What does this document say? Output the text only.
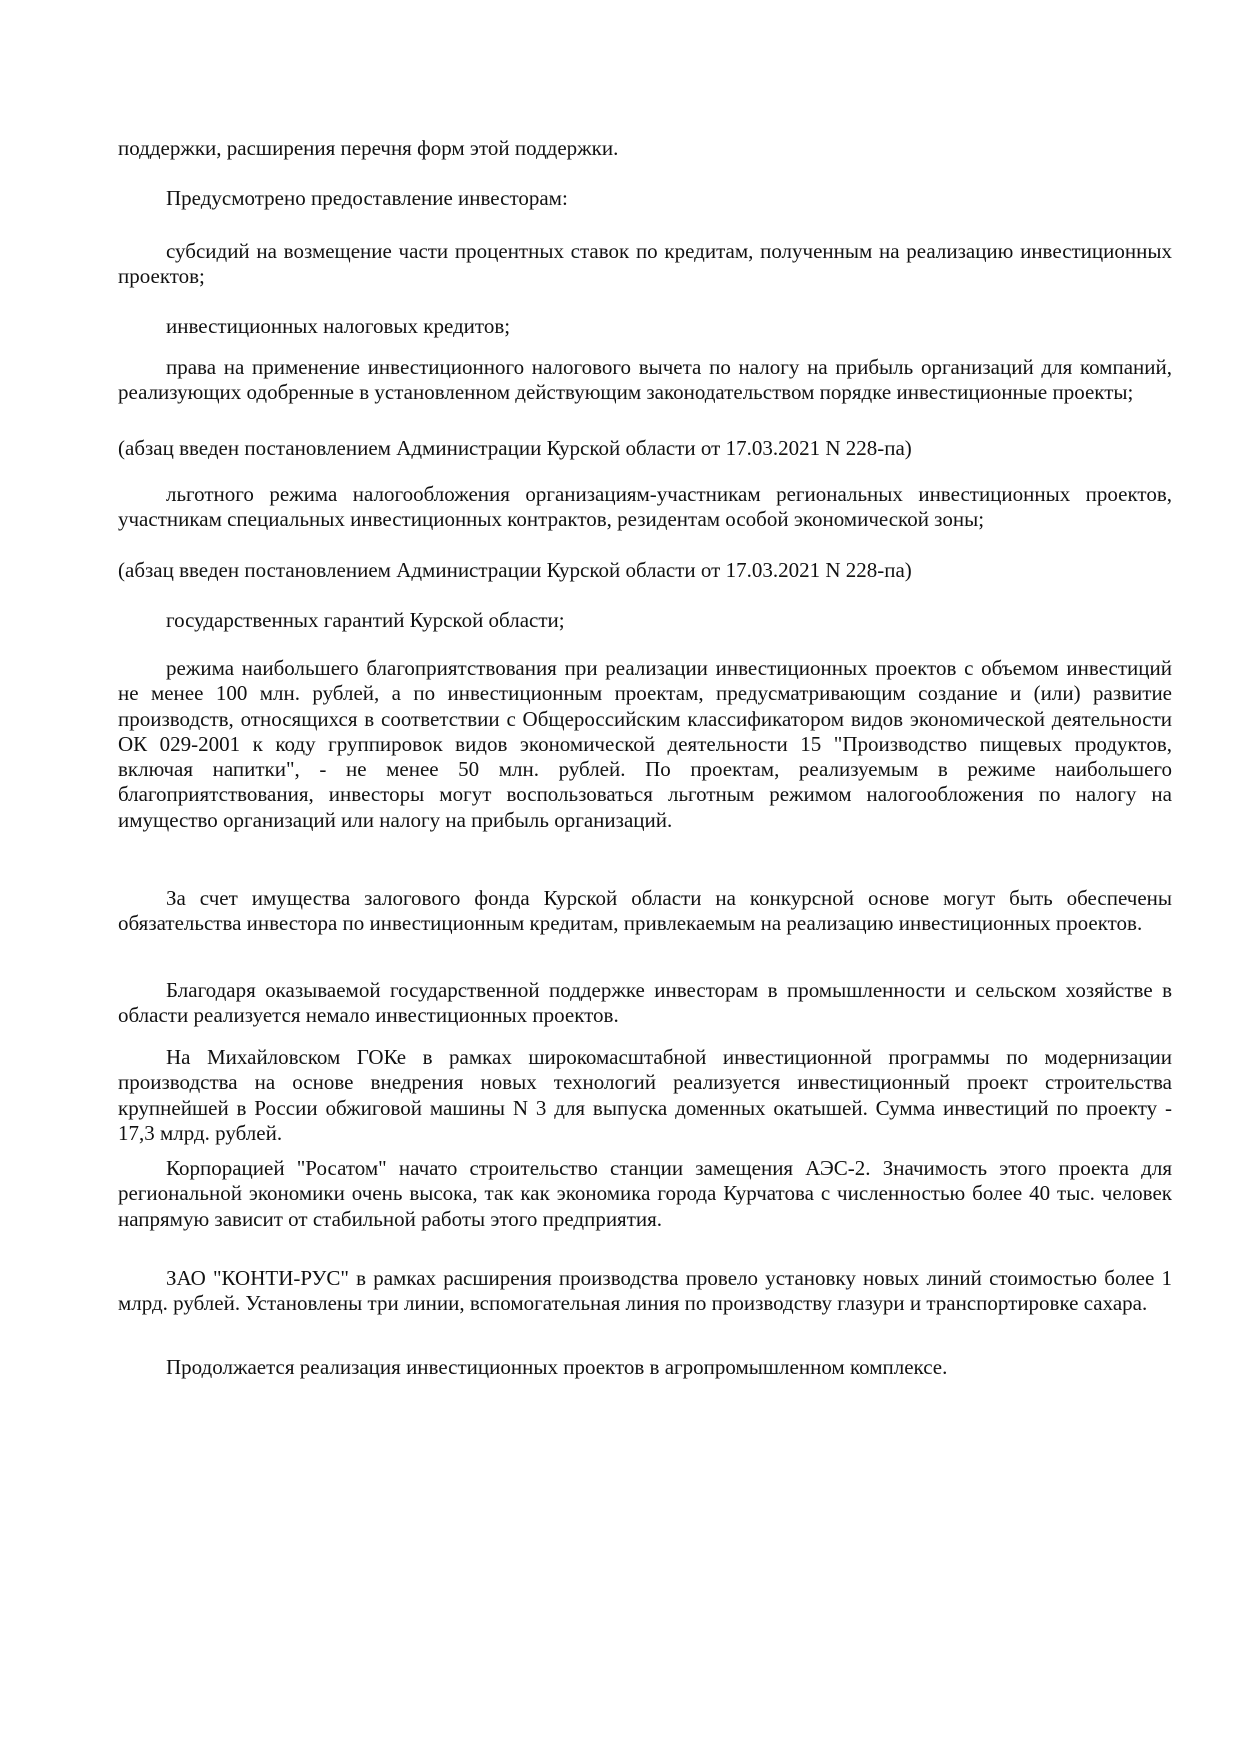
поддержки, расширения перечня форм этой поддержки.

Предусмотрено предоставление инвесторам:

субсидий на возмещение части процентных ставок по кредитам, полученным на реализацию инвестиционных проектов;

инвестиционных налоговых кредитов;

права на применение инвестиционного налогового вычета по налогу на прибыль организаций для компаний, реализующих одобренные в установленном действующим законодательством порядке инвестиционные проекты;

(абзац введен постановлением Администрации Курской области от 17.03.2021 N 228-па)

льготного режима налогообложения организациям-участникам региональных инвестиционных проектов, участникам специальных инвестиционных контрактов, резидентам особой экономической зоны;

(абзац введен постановлением Администрации Курской области от 17.03.2021 N 228-па)

государственных гарантий Курской области;

режима наибольшего благоприятствования при реализации инвестиционных проектов с объемом инвестиций не менее 100 млн. рублей, а по инвестиционным проектам, предусматривающим создание и (или) развитие производств, относящихся в соответствии с Общероссийским классификатором видов экономической деятельности ОК 029-2001 к коду группировок видов экономической деятельности 15 "Производство пищевых продуктов, включая напитки", - не менее 50 млн. рублей. По проектам, реализуемым в режиме наибольшего благоприятствования, инвесторы могут воспользоваться льготным режимом налогообложения по налогу на имущество организаций или налогу на прибыль организаций.

За счет имущества залогового фонда Курской области на конкурсной основе могут быть обеспечены обязательства инвестора по инвестиционным кредитам, привлекаемым на реализацию инвестиционных проектов.

Благодаря оказываемой государственной поддержке инвесторам в промышленности и сельском хозяйстве в области реализуется немало инвестиционных проектов.

На Михайловском ГОКе в рамках широкомасштабной инвестиционной программы по модернизации производства на основе внедрения новых технологий реализуется инвестиционный проект строительства крупнейшей в России обжиговой машины N 3 для выпуска доменных окатышей. Сумма инвестиций по проекту - 17,3 млрд. рублей.

Корпорацией "Росатом" начато строительство станции замещения АЭС-2. Значимость этого проекта для региональной экономики очень высока, так как экономика города Курчатова с численностью более 40 тыс. человек напрямую зависит от стабильной работы этого предприятия.

ЗАО "КОНТИ-РУС" в рамках расширения производства провело установку новых линий стоимостью более 1 млрд. рублей. Установлены три линии, вспомогательная линия по производству глазури и транспортировке сахара.

Продолжается реализация инвестиционных проектов в агропромышленном комплексе.
